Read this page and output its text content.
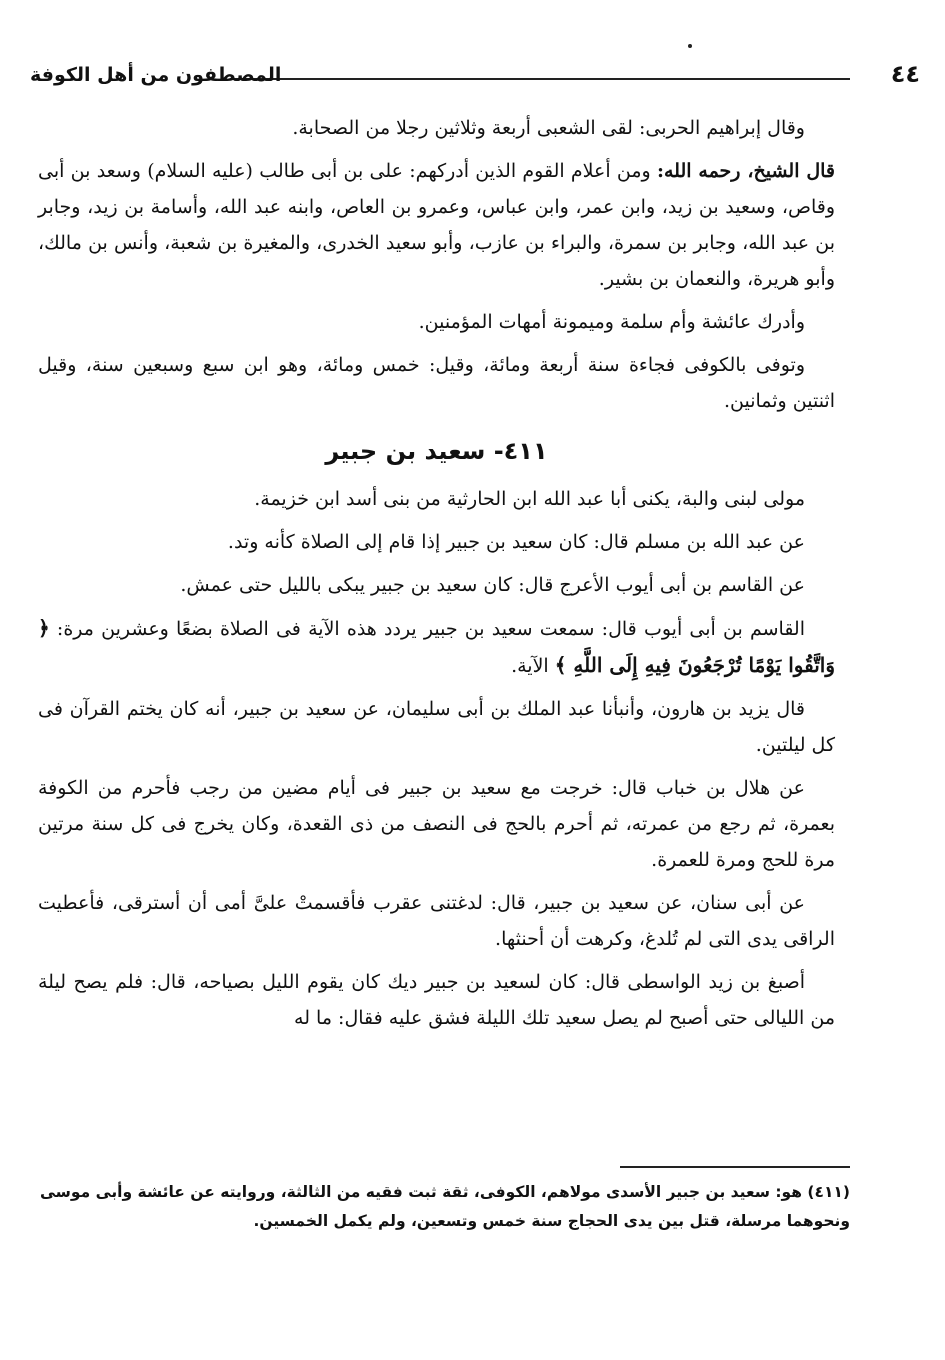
٤٤
المصطفون من أهل الكوفة

وقال إبراهيم الحربى: لقى الشعبى أربعة وثلاثين رجلا من الصحابة.

قال الشيخ، رحمه الله: ومن أعلام القوم الذين أدركهم: على بن أبى طالب (عليه السلام) وسعد بن أبى وقاص، وسعيد بن زيد، وابن عمر، وابن عباس، وعمرو بن العاص، وابنه عبد الله، وأسامة بن زيد، وجابر بن عبد الله، وجابر بن سمرة، والبراء بن عازب، وأبو سعيد الخدرى، والمغيرة بن شعبة، وأنس بن مالك، وأبو هريرة، والنعمان بن بشير.

وأدرك عائشة وأم سلمة وميمونة أمهات المؤمنين.

وتوفى بالكوفى فجاءة سنة أربعة ومائة، وقيل: خمس ومائة، وهو ابن سبع وسبعين سنة، وقيل اثنتين وثمانين.

٤١١- سعيد بن جبير

مولى لبنى والبة، يكنى أبا عبد الله ابن الحارثية من بنى أسد ابن خزيمة.

عن عبد الله بن مسلم قال: كان سعيد بن جبير إذا قام إلى الصلاة كأنه وتد.

عن القاسم بن أبى أيوب الأعرج قال: كان سعيد بن جبير يبكى بالليل حتى عمش.

القاسم بن أبى أيوب قال: سمعت سعيد بن جبير يردد هذه الآية فى الصلاة بضعًا وعشرين مرة: ﴿ وَاتَّقُوا يَوْمًا تُرْجَعُونَ فِيهِ إِلَى اللَّهِ ﴾ الآية.

قال يزيد بن هارون، وأنبأنا عبد الملك بن أبى سليمان، عن سعيد بن جبير، أنه كان يختم القرآن فى كل ليلتين.

عن هلال بن خباب قال: خرجت مع سعيد بن جبير فى أيام مضين من رجب فأحرم من الكوفة بعمرة، ثم رجع من عمرته، ثم أحرم بالحج فى النصف من ذى القعدة، وكان يخرج فى كل سنة مرتين مرة للحج ومرة للعمرة.

عن أبى سنان، عن سعيد بن جبير، قال: لدغتنى عقرب فأقسمتْ علىَّ أمى أن أسترقى، فأعطيت الراقى يدى التى لم تُلدغ، وكرهت أن أحنثها.

أصبغ بن زيد الواسطى قال: كان لسعيد بن جبير ديك كان يقوم الليل بصياحه، قال: فلم يصح ليلة من الليالى حتى أصبح لم يصل سعيد تلك الليلة فشق عليه فقال: ما له

(٤١١) هو: سعيد بن جبير الأسدى مولاهم، الكوفى، ثقة ثبت فقيه من الثالثة، وروايته عن عائشة وأبى موسى ونحوهما مرسلة، قتل بين يدى الحجاج سنة خمس وتسعين، ولم يكمل الخمسين.
